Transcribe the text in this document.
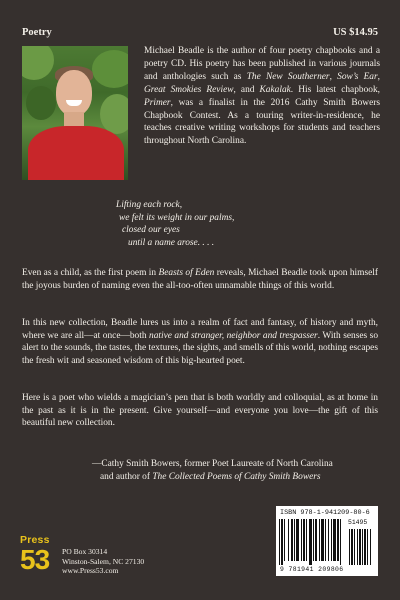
Poetry	US $14.95
Michael Beadle is the author of four poetry chapbooks and a poetry CD. His poetry has been published in various journals and anthologies such as The New Southerner, Sow’s Ear, Great Smokies Review, and Kakalak. His latest chapbook, Primer, was a finalist in the 2016 Cathy Smith Bowers Chapbook Contest. As a touring writer-in-residence, he teaches creative writing workshops for students and teachers throughout North Carolina.
Lifting each rock,
we felt its weight in our palms,
closed our eyes
until a name arose. . . .
Even as a child, as the first poem in Beasts of Eden reveals, Michael Beadle took upon himself the joyous burden of naming even the all-too-often unnamable things of this world.
In this new collection, Beadle lures us into a realm of fact and fantasy, of history and myth, where we are all—at once—both native and stranger, neighbor and trespasser. With senses so alert to the sounds, the tastes, the textures, the sights, and smells of this world, nothing escapes the fresh wit and seasoned wisdom of this big-hearted poet.
Here is a poet who wields a magician’s pen that is both worldly and colloquial, as at home in the past as it is in the present. Give yourself—and everyone you love—the gift of this beautiful new collection.
—Cathy Smith Bowers, former Poet Laureate of North Carolina and author of The Collected Poems of Cathy Smith Bowers
Press
53	PO Box 30314
Winston-Salem, NC 27130
www.Press53.com
ISBN 978-1-941209-80-6
9 781941 209806
51495
